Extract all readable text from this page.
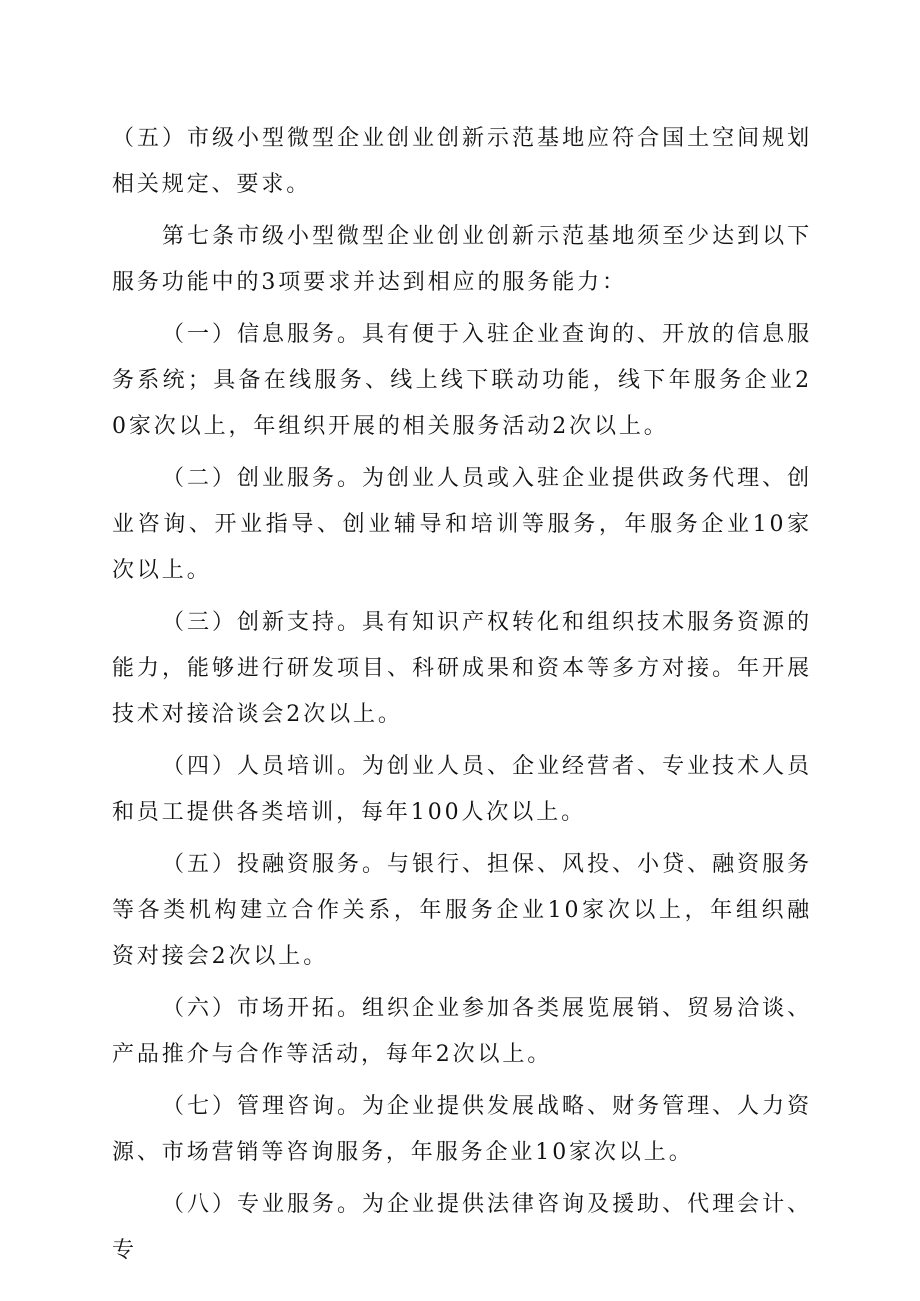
（五）市级小型微型企业创业创新示范基地应符合国土空间规划相关规定、要求。

第七条市级小型微型企业创业创新示范基地须至少达到以下服务功能中的3项要求并达到相应的服务能力：

（一）信息服务。具有便于入驻企业查询的、开放的信息服务系统；具备在线服务、线上线下联动功能，线下年服务企业20家次以上，年组织开展的相关服务活动2次以上。

（二）创业服务。为创业人员或入驻企业提供政务代理、创业咨询、开业指导、创业辅导和培训等服务，年服务企业10家次以上。

（三）创新支持。具有知识产权转化和组织技术服务资源的能力，能够进行研发项目、科研成果和资本等多方对接。年开展技术对接洽谈会2次以上。

（四）人员培训。为创业人员、企业经营者、专业技术人员和员工提供各类培训，每年100人次以上。

（五）投融资服务。与银行、担保、风投、小贷、融资服务等各类机构建立合作关系，年服务企业10家次以上，年组织融资对接会2次以上。

（六）市场开拓。组织企业参加各类展览展销、贸易洽谈、产品推介与合作等活动，每年2次以上。

（七）管理咨询。为企业提供发展战略、财务管理、人力资源、市场营销等咨询服务，年服务企业10家次以上。

（八）专业服务。为企业提供法律咨询及援助、代理会计、专
